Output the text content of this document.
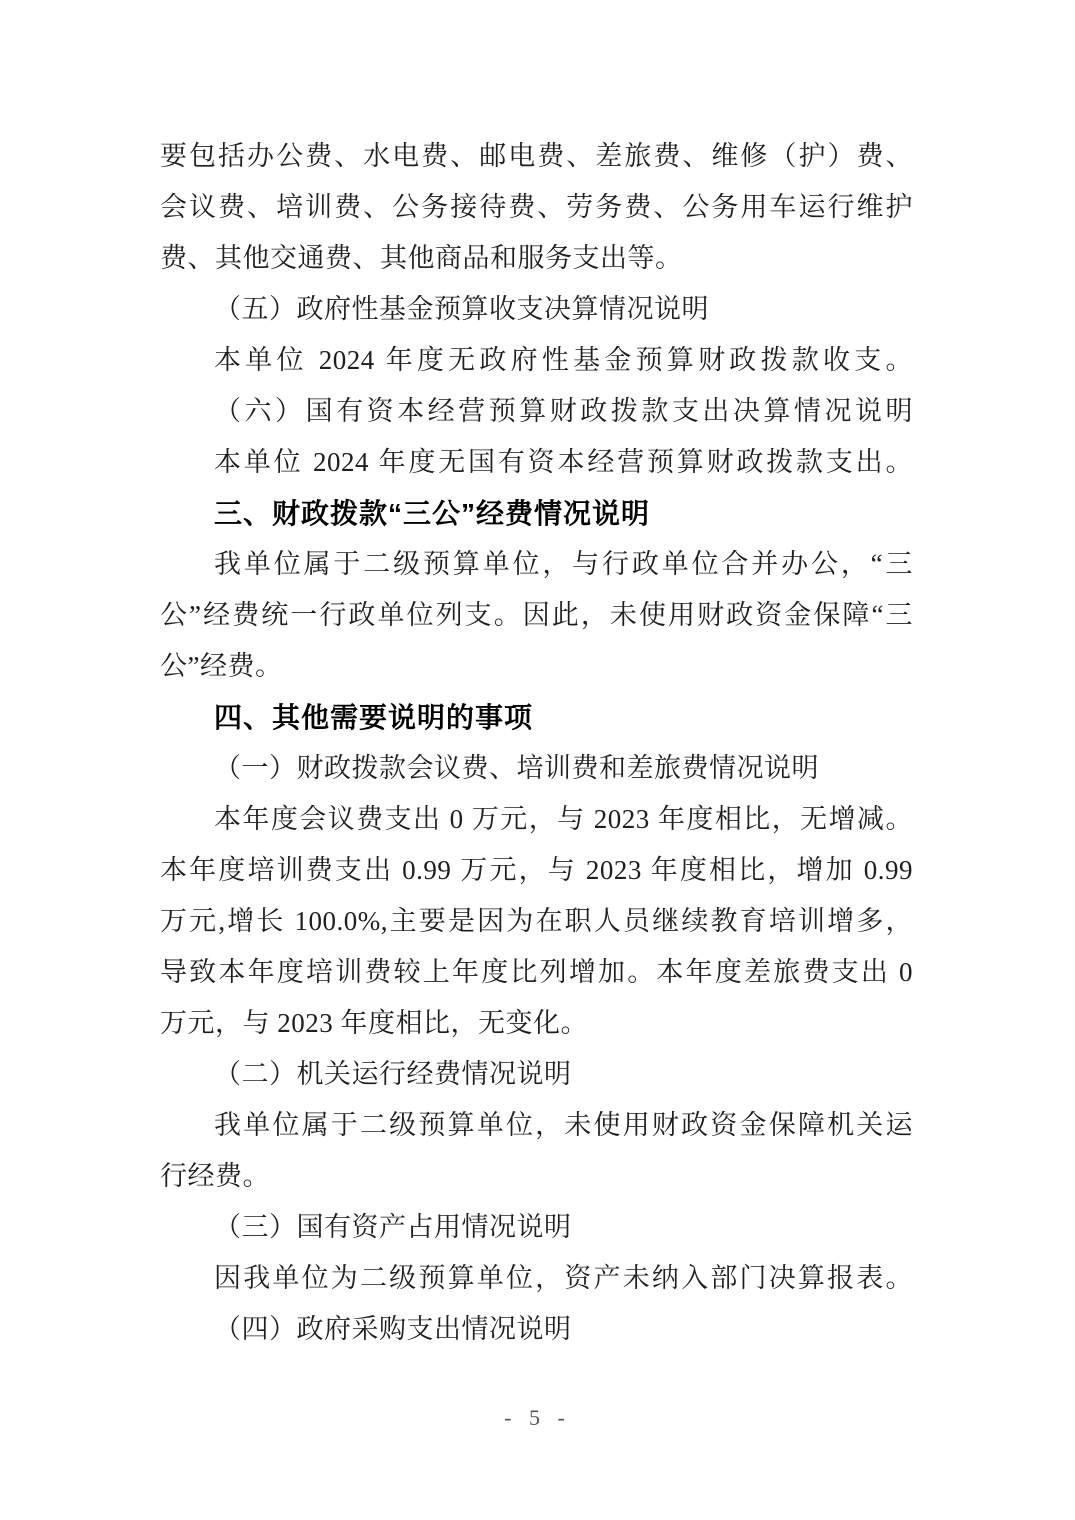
要包括办公费、水电费、邮电费、差旅费、维修（护）费、
会议费、培训费、公务接待费、劳务费、公务用车运行维护
费、其他交通费、其他商品和服务支出等。
（五）政府性基金预算收支决算情况说明
本单位 2024 年度无政府性基金预算财政拨款收支。
（六）国有资本经营预算财政拨款支出决算情况说明
本单位 2024 年度无国有资本经营预算财政拨款支出。
三、财政拨款“三公”经费情况说明
我单位属于二级预算单位，与行政单位合并办公，“三
公”经费统一行政单位列支。因此，未使用财政资金保障“三
公”经费。
四、其他需要说明的事项
（一）财政拨款会议费、培训费和差旅费情况说明
本年度会议费支出 0 万元，与 2023 年度相比，无增减。
本年度培训费支出 0.99 万元，与 2023 年度相比，增加 0.99
万元,增长 100.0%,主要是因为在职人员继续教育培训增多，
导致本年度培训费较上年度比列增加。本年度差旅费支出 0
万元，与 2023 年度相比，无变化。
（二）机关运行经费情况说明
我单位属于二级预算单位，未使用财政资金保障机关运
行经费。
（三）国有资产占用情况说明
因我单位为二级预算单位，资产未纳入部门决算报表。
（四）政府采购支出情况说明
- 5 -
